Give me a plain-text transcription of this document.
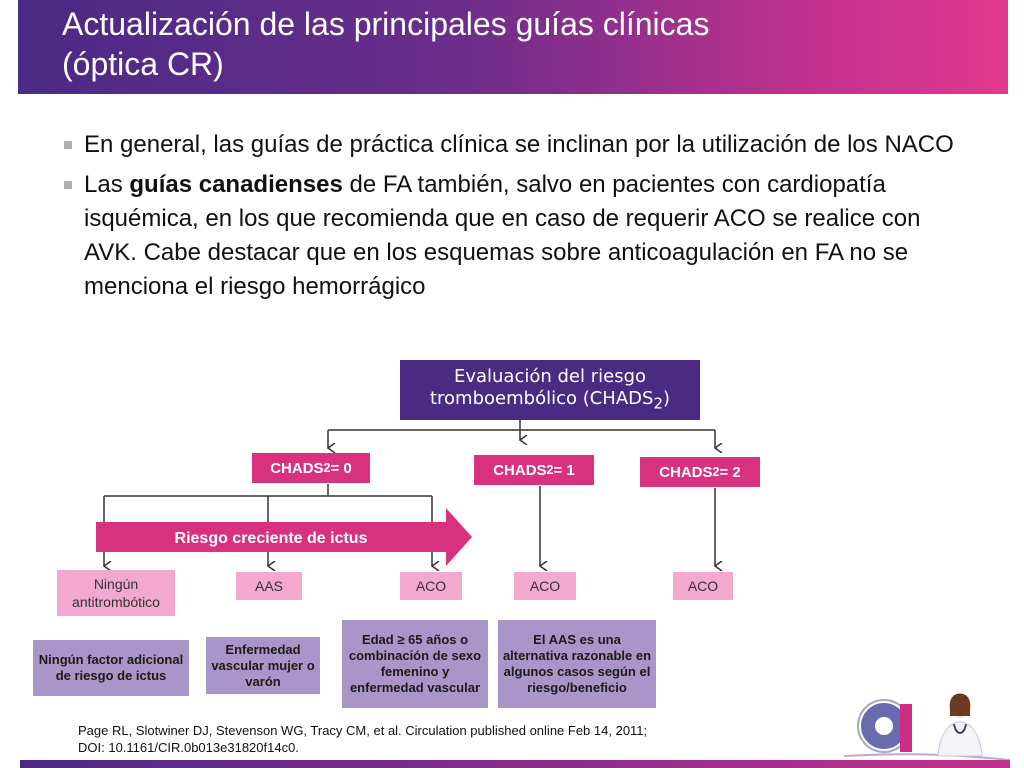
Actualización de las principales guías clínicas
(óptica CR)
En general, las guías de práctica clínica se inclinan por la utilización de los NACO
Las guías canadienses de FA también, salvo en pacientes con cardiopatía isquémica, en los que recomienda que en caso de requerir ACO se realice con AVK. Cabe destacar que en los esquemas sobre anticoagulación en FA no se menciona el riesgo hemorrágico
Evaluación del riesgo
tromboembólico $(CHADS_2)$
CHADS 2 = 0	CHADS 2 = 1	CHADS 2 = 2
Riesgo creciente de ictus
Ningún antitrombótico
AAS	ACO	ACO	ACO
Ningún factor adicional de riesgo de ictus
Enfermedad vascular mujer o varón
Edad ≥ 65 años o combinación de sexo femenino y enfermedad vascular
El AAS es una alternativa razonable en algunos casos según el riesgo/beneficio

Page RL, Slotwiner DJ, Stevenson WG, Tracy CM, et al. Circulation published online Feb 14, 2011;
DOI: 10.1161/CIR.0b013e31820f14c0.
